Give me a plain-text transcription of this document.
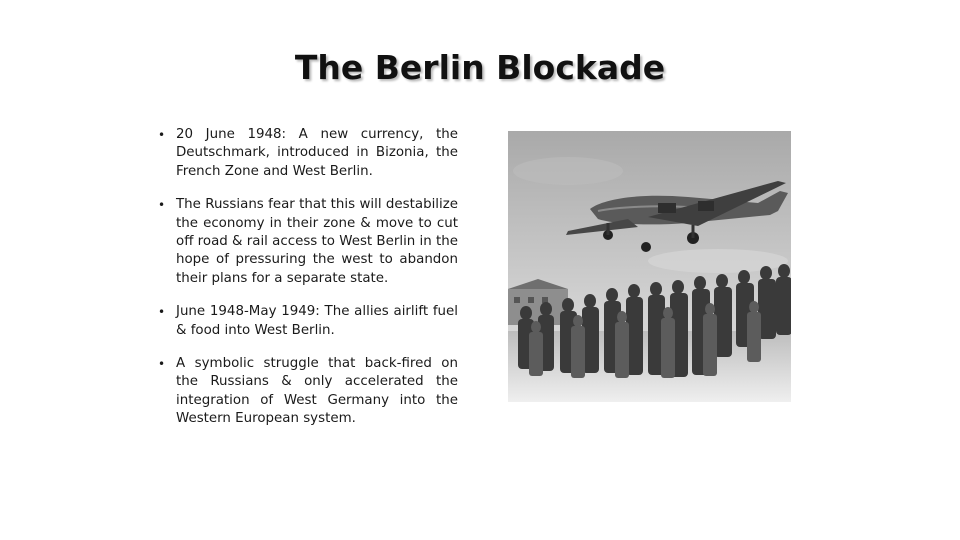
The Berlin Blockade
• 20 June 1948: A new currency, the Deutschmark, introduced in Bizonia, the French Zone and West Berlin.
• The Russians fear that this will destabilize the economy in their zone & move to cut off road & rail access to West Berlin in the hope of pressuring the west to abandon their plans for a separate state.
• June 1948-May 1949: The allies airlift fuel & food into West Berlin.
• A symbolic struggle that back-fired on the Russians & only accelerated the integration of West Germany into the Western European system.
